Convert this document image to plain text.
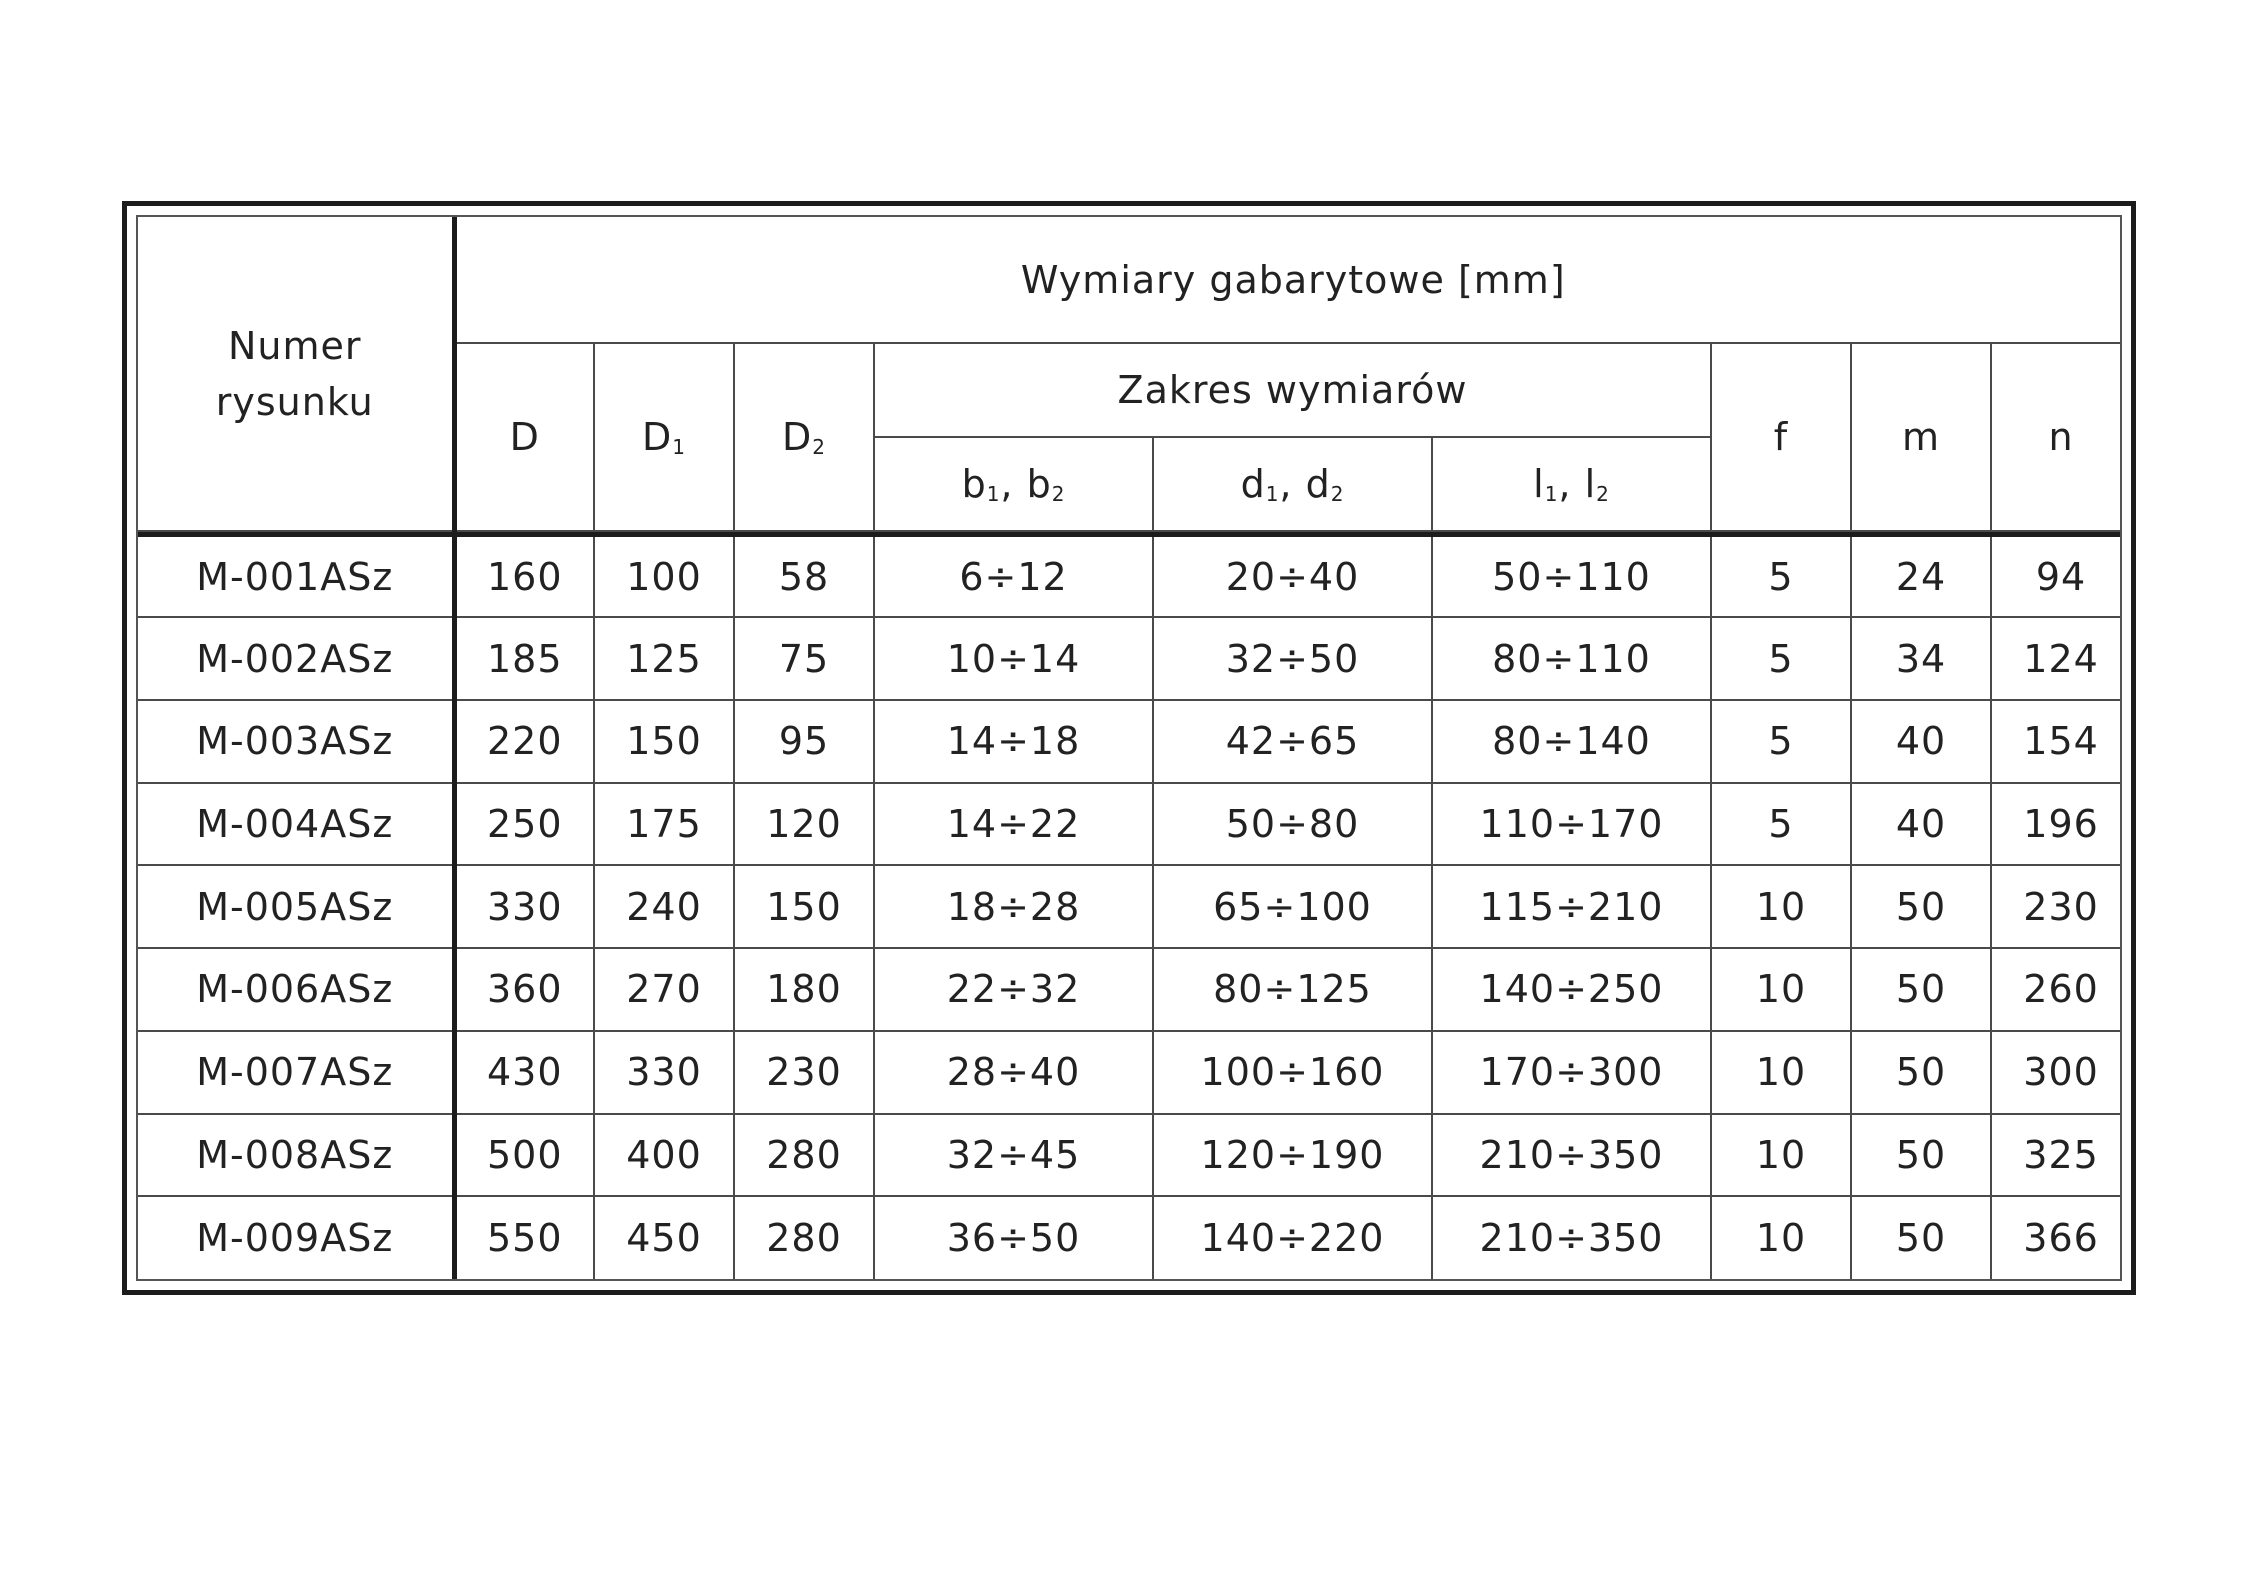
Numer
rysunku	Wymiary gabarytowe [mm]								
	D	$D_1$	$D_2$	Zakres wymiarów			f	m	n
				$b_1$, $b_2$	$d_1$, $d_2$	$l_1$, $l_2$

M-001ASz	160	100	58	6÷12	20÷40	50÷110	5	24	94
M-002ASz	185	125	75	10÷14	32÷50	80÷110	5	34	124
M-003ASz	220	150	95	14÷18	42÷65	80÷140	5	40	154
M-004ASz	250	175	120	14÷22	50÷80	110÷170	5	40	196
M-005ASz	330	240	150	18÷28	65÷100	115÷210	10	50	230
M-006ASz	360	270	180	22÷32	80÷125	140÷250	10	50	260
M-007ASz	430	330	230	28÷40	100÷160	170÷300	10	50	300
M-008ASz	500	400	280	32÷45	120÷190	210÷350	10	50	325
M-009ASz	550	450	280	36÷50	140÷220	210÷350	10	50	366
